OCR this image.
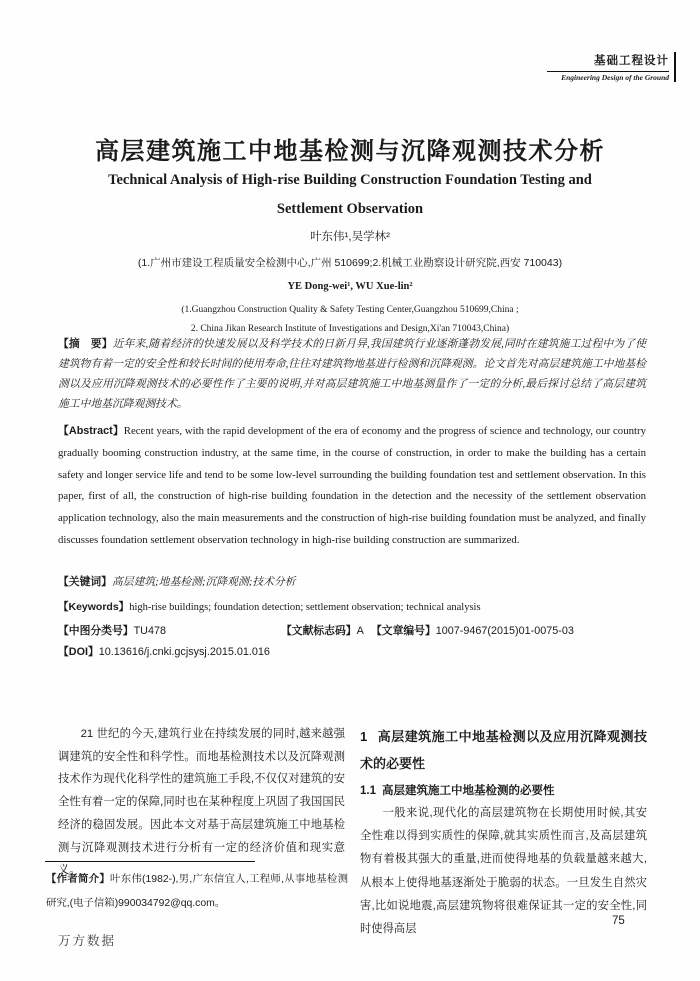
基础工程设计
Engineering Design of the Ground
高层建筑施工中地基检测与沉降观测技术分析
Technical Analysis of High-rise Building Construction Foundation Testing and
Settlement Observation
叶东伟¹,吴学林²
(1.广州市建设工程质量安全检测中心,广州 510699;2.机械工业勘察设计研究院,西安 710043)
YE Dong-wei¹, WU Xue-lin²
(1.Guangzhou Construction Quality & Safety Testing Center,Guangzhou 510699,China ;
2. China Jikan Research Institute of Investigations and Design,Xi'an 710043,China)
【摘　要】近年来,随着经济的快速发展以及科学技术的日新月异,我国建筑行业逐渐蓬勃发展,同时在建筑施工过程中为了使建筑物有着一定的安全性和较长时间的使用寿命,往往对建筑物地基进行检测和沉降观测。论文首先对高层建筑施工中地基检测以及应用沉降观测技术的必要性作了主要的说明,并对高层建筑施工中地基测量作了一定的分析,最后探讨总结了高层建筑施工中地基沉降观测技术。
【Abstract】Recent years, with the rapid development of the era of economy and the progress of science and technology, our country gradually booming construction industry, at the same time, in the course of construction, in order to make the building has a certain safety and longer service life and tend to be some low-level surrounding the building foundation test and settlement observation. In this paper, first of all, the construction of high-rise building foundation in the detection and the necessity of the settlement observation application technology, also the main measurements and the construction of high-rise building foundation must be analyzed, and finally discusses foundation settlement observation technology in high-rise building construction are summarized.
【关键词】高层建筑;地基检测;沉降观测;技术分析
【Keywords】high-rise buildings; foundation detection; settlement observation; technical analysis
【中图分类号】TU478	【文献标志码】A 【文章编号】1007-9467(2015)01-0075-03
【DOI】10.13616/j.cnki.gcjsysj.2015.01.016
21 世纪的今天,建筑行业在持续发展的同时,越来越强调建筑的安全性和科学性。而地基检测技术以及沉降观测技术作为现代化科学性的建筑施工手段,不仅仅对建筑的安全性有着一定的保障,同时也在某种程度上巩固了我国国民经济的稳固发展。因此本文对基于高层建筑施工中地基检测与沉降观测技术进行分析有一定的经济价值和现实意义。
【作者简介】叶东伟(1982-),男,广东信宜人,工程师,从事地基检测研究,(电子信箱)990034792@qq.com。
1 高层建筑施工中地基检测以及应用沉降观测技术的必要性
1.1 高层建筑施工中地基检测的必要性

一般来说,现代化的高层建筑物在长期使用时候,其安全性难以得到实质性的保障,就其实质性而言,及高层建筑物有着极其强大的重量,进而使得地基的负载量越来越大,从根本上使得地基逐渐处于脆弱的状态。一旦发生自然灾害,比如说地震,高层建筑物将很难保证其一定的安全性,同时使得高层

75
万方数据
